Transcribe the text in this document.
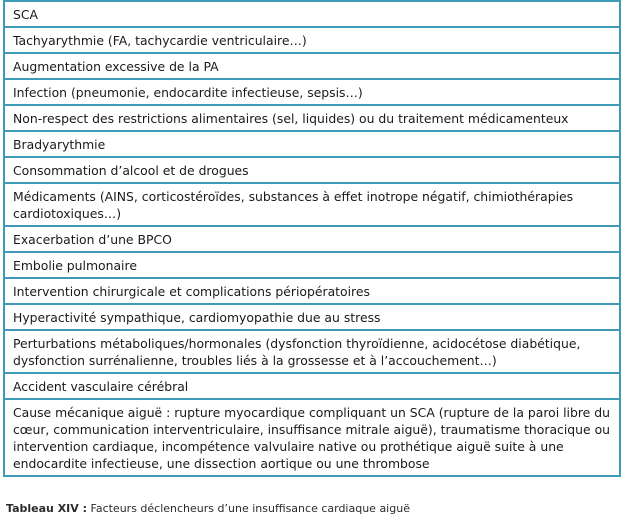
SCA
Tachyarythmie (FA, tachycardie ventriculaire…)
Augmentation excessive de la PA
Infection (pneumonie, endocardite infectieuse, sepsis…)
Non-respect des restrictions alimentaires (sel, liquides) ou du traitement médicamenteux
Bradyarythmie
Consommation d’alcool et de drogues
Médicaments (AINS, corticostéroïdes, substances à effet inotrope négatif, chimiothérapies cardiotoxiques…)
Exacerbation d’une BPCO
Embolie pulmonaire
Intervention chirurgicale et complications périopératoires
Hyperactivité sympathique, cardiomyopathie due au stress
Perturbations métaboliques/hormonales (dysfonction thyroïdienne, acidocétose diabétique, dysfonction surrénalienne, troubles liés à la grossesse et à l’accouchement…)
Accident vasculaire cérébral
Cause mécanique aiguë : rupture myocardique compliquant un SCA (rupture de la paroi libre du cœur, communication interventriculaire, insuffisance mitrale aiguë), traumatisme thoracique ou intervention cardiaque, incompétence valvulaire native ou prothétique aiguë suite à une endocardite infectieuse, une dissection aortique ou une thrombose
Tableau XIV : Facteurs déclencheurs d’une insuffisance cardiaque aiguë
